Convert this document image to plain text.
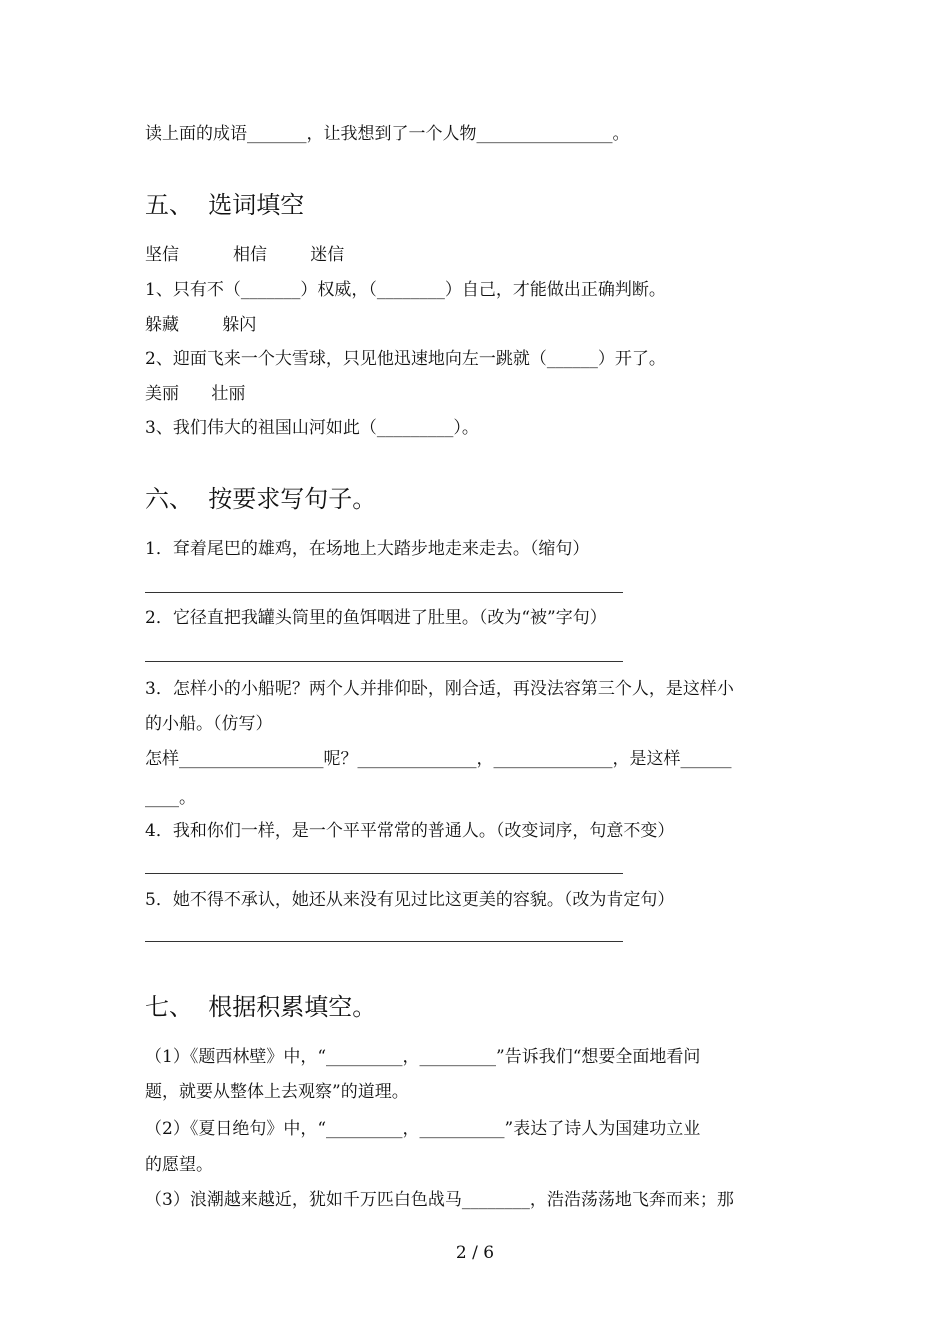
读上面的成语_______，让我想到了一个人物________________。
五、  选词填空
坚信          相信        迷信
1、只有不（_______）权威，（________）自己，才能做出正确判断。
躲藏        躲闪
2、迎面飞来一个大雪球，只见他迅速地向左一跳就（______）开了。
美丽      壮丽
3、我们伟大的祖国山河如此（_________）。
六、  按要求写句子。
1．耷着尾巴的雄鸡，在场地上大踏步地走来走去。（缩句）
2．它径直把我罐头筒里的鱼饵咽进了肚里。（改为“被”字句）
3．怎样小的小船呢？两个人并排仰卧，刚合适，再没法容第三个人，是这样小
的小船。（仿写）
怎样_________________呢？______________，______________，是这样______
____。
4．我和你们一样，是一个平平常常的普通人。（改变词序，句意不变）
5．她不得不承认，她还从来没有见过比这更美的容貌。（改为肯定句）
七、  根据积累填空。
（1）《题西林壁》中，“_________，_________”告诉我们“想要全面地看问
题，就要从整体上去观察”的道理。
（2）《夏日绝句》中，“_________，__________”表达了诗人为国建功立业
的愿望。
（3）浪潮越来越近，犹如千万匹白色战马________，浩浩荡荡地飞奔而来；那
2 / 6
